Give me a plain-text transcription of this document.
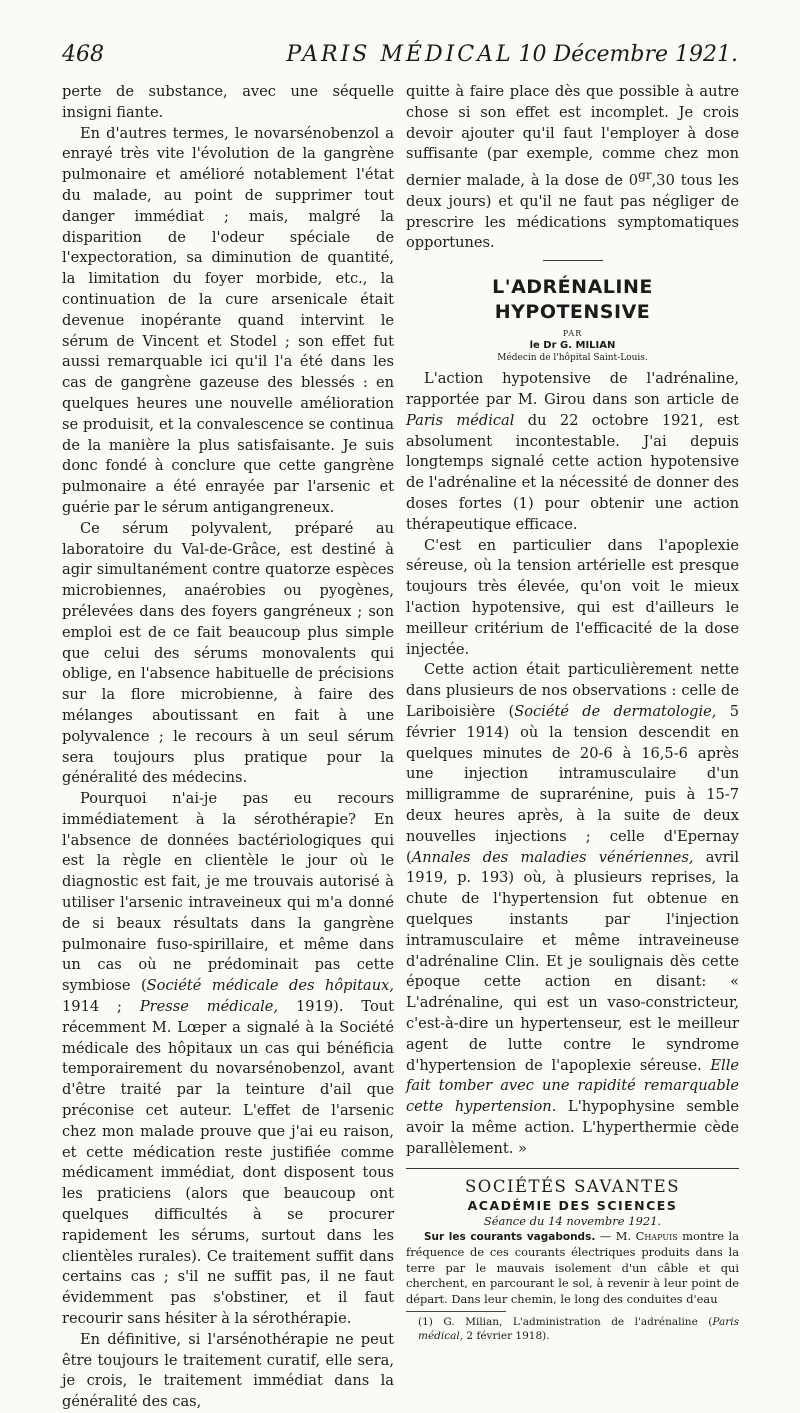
468	PARIS MÉDICAL 10 Décembre 1921.

perte de substance, avec une séquelle insigni fiante.

En d'autres termes, le novarsénobenzol a enrayé très vite l'évolution de la gangrène pulmonaire et amélioré notablement l'état du malade, au point de supprimer tout danger immédiat ; mais, malgré la disparition de l'odeur spéciale de l'expectoration, sa diminution de quantité, la limitation du foyer morbide, etc., la continuation de la cure arsenicale était devenue inopérante quand intervint le sérum de Vincent et Stodel ; son effet fut aussi remarquable ici qu'il l'a été dans les cas de gangrène gazeuse des blessés : en quelques heures une nouvelle amélioration se produisit, et la convalescence se continua de la manière la plus satisfaisante. Je suis donc fondé à conclure que cette gangrène pulmonaire a été enrayée par l'arsenic et guérie par le sérum antigangreneux.

Ce sérum polyvalent, préparé au laboratoire du Val-de-Grâce, est destiné à agir simultanément contre quatorze espèces microbiennes, anaérobies ou pyogènes, prélevées dans des foyers gangréneux ; son emploi est de ce fait beaucoup plus simple que celui des sérums monovalents qui oblige, en l'absence habituelle de précisions sur la flore microbienne, à faire des mélanges aboutissant en fait à une polyvalence ; le recours à un seul sérum sera toujours plus pratique pour la généralité des médecins.

Pourquoi n'ai-je pas eu recours immédiatement à la sérothérapie? En l'absence de données bactériologiques qui est la règle en clientèle le jour où le diagnostic est fait, je me trouvais autorisé à utiliser l'arsenic intraveineux qui m'a donné de si beaux résultats dans la gangrène pulmonaire fuso-spirillaire, et même dans un cas où ne prédominait pas cette symbiose (Société médicale des hôpitaux, 1914 ; Presse médicale, 1919). Tout récemment M. Lœper a signalé à la Société médicale des hôpitaux un cas qui bénéficia temporairement du novarsénobenzol, avant d'être traité par la teinture d'ail que préconise cet auteur. L'effet de l'arsenic chez mon malade prouve que j'ai eu raison, et cette médication reste justifiée comme médicament immédiat, dont disposent tous les praticiens (alors que beaucoup ont quelques difficultés à se procurer rapidement les sérums, surtout dans les clientèles rurales). Ce traitement suffit dans certains cas ; s'il ne suffit pas, il ne faut évidemment pas s'obstiner, et il faut recourir sans hésiter à la sérothérapie.

En définitive, si l'arsénothérapie ne peut être toujours le traitement curatif, elle sera, je crois, le traitement immédiat dans la généralité des cas,

quitte à faire place dès que possible à autre chose si son effet est incomplet. Je crois devoir ajouter qu'il faut l'employer à dose suffisante (par exemple, comme chez mon dernier malade, à la dose de $0^{gr},30$ tous les deux jours) et qu'il ne faut pas négliger de prescrire les médications symptomatiques opportunes.

L'ADRÉNALINE
HYPOTENSIVE
PAR
le Dr G. MILIAN
Médecin de l'hôpital Saint-Louis.

L'action hypotensive de l'adrénaline, rapportée par M. Girou dans son article de Paris médical du 22 octobre 1921, est absolument incontestable. J'ai depuis longtemps signalé cette action hypotensive de l'adrénaline et la nécessité de donner des doses fortes (1) pour obtenir une action thérapeutique efficace.

C'est en particulier dans l'apoplexie séreuse, où la tension artérielle est presque toujours très élevée, qu'on voit le mieux l'action hypotensive, qui est d'ailleurs le meilleur critérium de l'efficacité de la dose injectée.

Cette action était particulièrement nette dans plusieurs de nos observations : celle de Lariboisière (Société de dermatologie, 5 février 1914) où la tension descendit en quelques minutes de 20-6 à 16,5-6 après une injection intramusculaire d'un milligramme de suprarénine, puis à 15-7 deux heures après, à la suite de deux nouvelles injections ; celle d'Epernay (Annales des maladies vénériennes, avril 1919, p. 193) où, à plusieurs reprises, la chute de l'hypertension fut obtenue en quelques instants par l'injection intramusculaire et même intraveineuse d'adrénaline Clin. Et je soulignais dès cette époque cette action en disant: « L'adrénaline, qui est un vaso-constricteur, c'est-à-dire un hypertenseur, est le meilleur agent de lutte contre le syndrome d'hypertension de l'apoplexie séreuse. Elle fait tomber avec une rapidité remarquable cette hypertension. L'hypophysine semble avoir la même action. L'hyperthermie cède parallèlement. »

SOCIÉTÉS SAVANTES
ACADÉMIE DES SCIENCES
Séance du 14 novembre 1921.

Sur les courants vagabonds. — M. Chapuis montre la fréquence de ces courants électriques produits dans la terre par le mauvais isolement d'un câble et qui cherchent, en parcourant le sol, à revenir à leur point de départ. Dans leur chemin, le long des conduites d'eau

(1) G. Milian, L'administration de l'adrénaline (Paris médical, 2 février 1918).
